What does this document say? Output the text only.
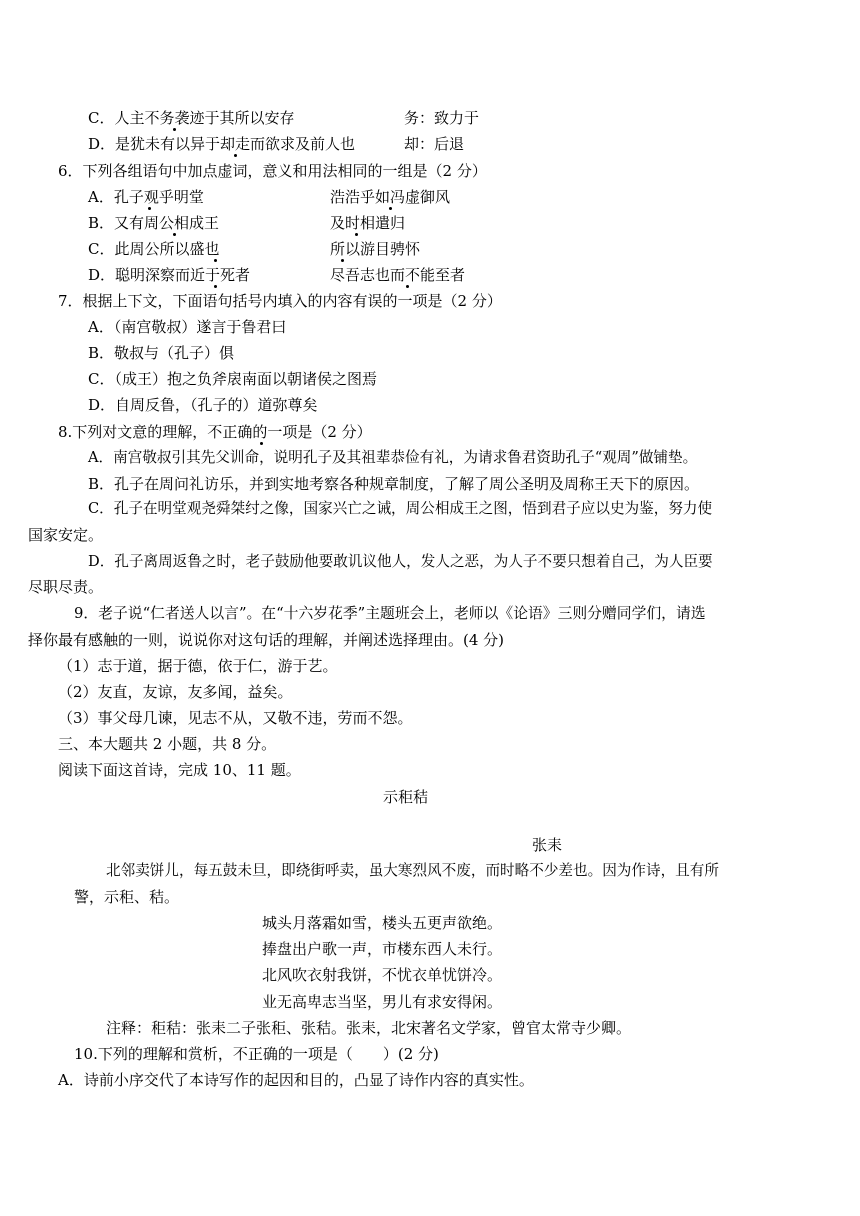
C．人主不务袭迹于其所以安存	务：致力于
D．是犹未有以异于却走而欲求及前人也	却：后退
6．下列各组语句中加点虚词，意义和用法相同的一组是（2 分）
A．孔子观乎明堂	浩浩乎如冯虚御风
B．又有周公相成王	及时相遣归
C．此周公所以盛也	所以游目骋怀
D．聪明深察而近于死者	尽吾志也而不能至者
7．根据上下文，下面语句括号内填入的内容有误的一项是（2 分）
A．（南宫敬叔）遂言于鲁君曰
B．敬叔与（孔子）俱
C．（成王）抱之负斧扆南面以朝诸侯之图焉
D．自周反鲁，（孔子的）道弥尊矣
8.下列对文意的理解，不正确的一项是（2 分）
A．南宫敬叔引其先父训命，说明孔子及其祖辈恭俭有礼，为请求鲁君资助孔子“观周”做铺垫。
B．孔子在周问礼访乐，并到实地考察各种规章制度，了解了周公圣明及周称王天下的原因。
C．孔子在明堂观尧舜桀纣之像，国家兴亡之诫，周公相成王之图，悟到君子应以史为鉴，努力使
国家安定。
D．孔子离周返鲁之时，老子鼓励他要敢讥议他人，发人之恶，为人子不要只想着自己，为人臣要
尽职尽责。
9．老子说“仁者送人以言”。在“十六岁花季”主题班会上，老师以《论语》三则分赠同学们，请选
择你最有感触的一则，说说你对这句话的理解，并阐述选择理由。(4 分)
（1）志于道，据于德，依于仁，游于艺。
（2）友直，友谅，友多闻，益矣。
（3）事父母几谏，见志不从，又敬不违，劳而不怨。
三、本大题共 2 小题，共 8 分。
阅读下面这首诗，完成 10、11 题。
示秬秸
张耒
北邻卖饼儿，每五鼓未旦，即绕街呼卖，虽大寒烈风不废，而时略不少差也。因为作诗，且有所
警，示秬、秸。
城头月落霜如雪，楼头五更声欲绝。
捧盘出户歌一声，市楼东西人未行。
北风吹衣射我饼，不忧衣单忧饼冷。
业无高卑志当坚，男儿有求安得闲。
注释：秬秸：张耒二子张秬、张秸。张耒，北宋著名文学家，曾官太常寺少卿。
10.下列的理解和赏析，不正确的一项是（ ）(2 分)
A．诗前小序交代了本诗写作的起因和目的，凸显了诗作内容的真实性。
